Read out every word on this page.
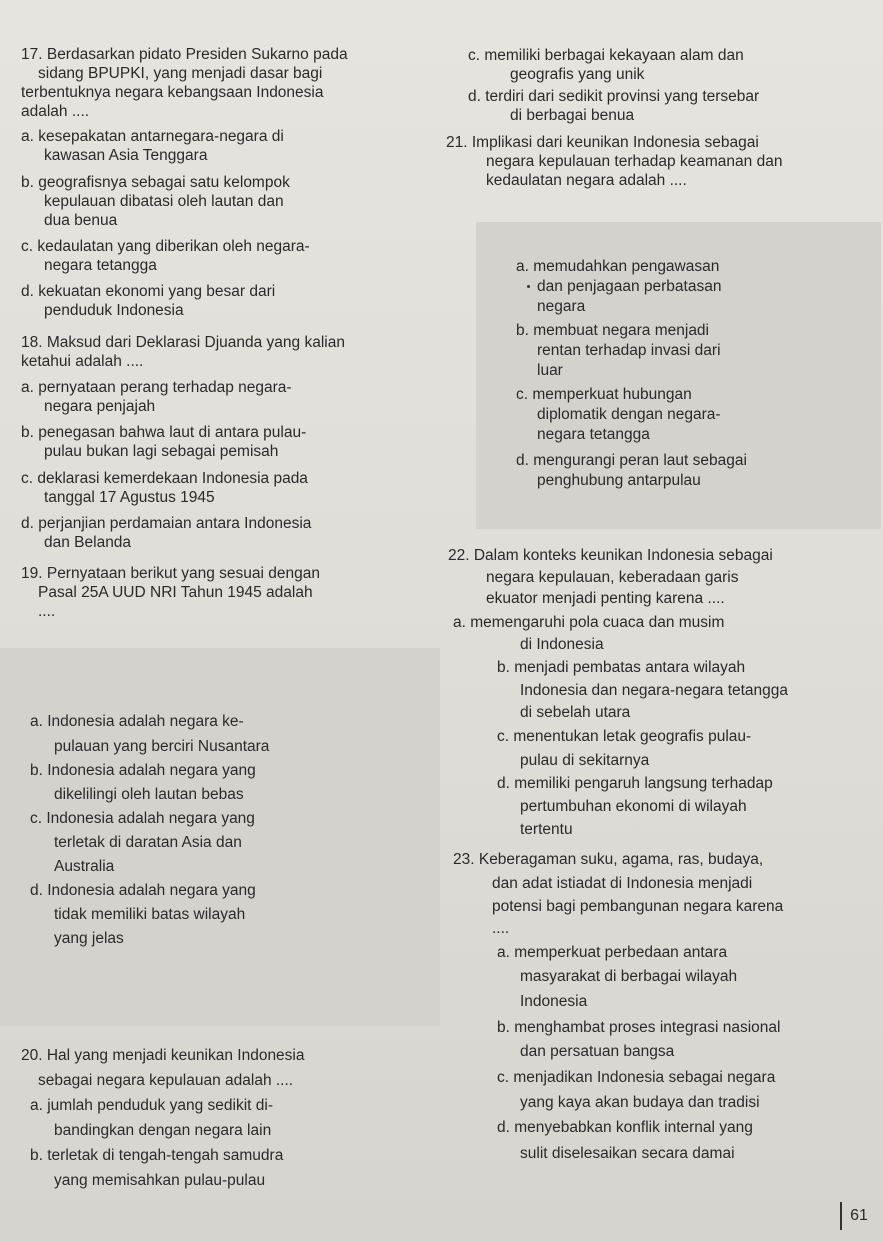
17. Berdasarkan pidato Presiden Sukarno pada
sidang BPUPKI, yang menjadi dasar bagi
terbentuknya negara kebangsaan Indonesia
adalah ....
a. kesepakatan antarnegara-negara di
kawasan Asia Tenggara
b. geografisnya sebagai satu kelompok
kepulauan dibatasi oleh lautan dan
dua benua
c. kedaulatan yang diberikan oleh negara-
negara tetangga
d. kekuatan ekonomi yang besar dari
penduduk Indonesia
18. Maksud dari Deklarasi Djuanda yang kalian
ketahui adalah ....
a. pernyataan perang terhadap negara-
negara penjajah
b. penegasan bahwa laut di antara pulau-
pulau bukan lagi sebagai pemisah
c. deklarasi kemerdekaan Indonesia pada
tanggal 17 Agustus 1945
d. perjanjian perdamaian antara Indonesia
dan Belanda
19. Pernyataan berikut yang sesuai dengan
Pasal 25A UUD NRI Tahun 1945 adalah
....
a. Indonesia adalah negara ke-
pulauan yang berciri Nusantara
b. Indonesia adalah negara yang
dikelilingi oleh lautan bebas
c. Indonesia adalah negara yang
terletak di daratan Asia dan
Australia
d. Indonesia adalah negara yang
tidak memiliki batas wilayah
yang jelas
20. Hal yang menjadi keunikan Indonesia
sebagai negara kepulauan adalah ....
a. jumlah penduduk yang sedikit di-
bandingkan dengan negara lain
b. terletak di tengah-tengah samudra
yang memisahkan pulau-pulau
c. memiliki berbagai kekayaan alam dan
geografis yang unik
d. terdiri dari sedikit provinsi yang tersebar
di berbagai benua
21. Implikasi dari keunikan Indonesia sebagai
negara kepulauan terhadap keamanan dan
kedaulatan negara adalah ....
a. memudahkan pengawasan
dan penjagaan perbatasan
negara
b. membuat negara menjadi
rentan terhadap invasi dari
luar
c. memperkuat hubungan
diplomatik dengan negara-
negara tetangga
d. mengurangi peran laut sebagai
penghubung antarpulau
22. Dalam konteks keunikan Indonesia sebagai
negara kepulauan, keberadaan garis
ekuator menjadi penting karena ....
a. memengaruhi pola cuaca dan musim
di Indonesia
b. menjadi pembatas antara wilayah
Indonesia dan negara-negara tetangga
di sebelah utara
c. menentukan letak geografis pulau-
pulau di sekitarnya
d. memiliki pengaruh langsung terhadap
pertumbuhan ekonomi di wilayah
tertentu
23. Keberagaman suku, agama, ras, budaya,
dan adat istiadat di Indonesia menjadi
potensi bagi pembangunan negara karena
....
a. memperkuat perbedaan antara
masyarakat di berbagai wilayah
Indonesia
b. menghambat proses integrasi nasional
dan persatuan bangsa
c. menjadikan Indonesia sebagai negara
yang kaya akan budaya dan tradisi
d. menyebabkan konflik internal yang
sulit diselesaikan secara damai
61
